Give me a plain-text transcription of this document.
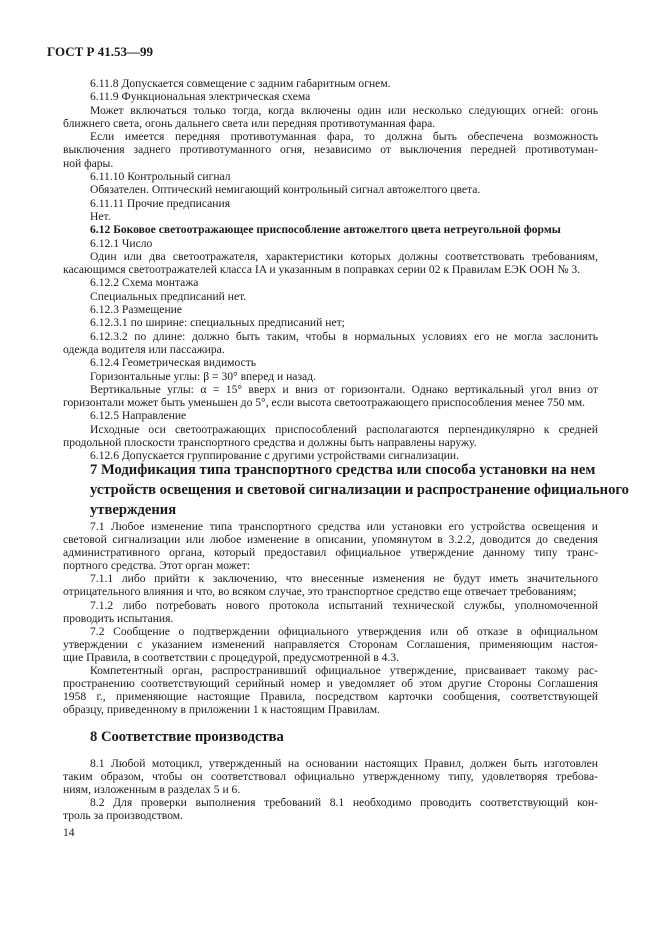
ГОСТ Р 41.53—99
6.11.8 Допускается совмещение с задним габаритным огнем.
6.11.9 Функциональная электрическая схема
Может включаться только тогда, когда включены один или несколько следующих огней: огонь
ближнего света, огонь дальнего света или передняя противотуманная фара.
Если имеется передняя противотуманная фара, то должна быть обеспечена возможность
выключения заднего противотуманного огня, независимо от выключения передней противотуман-
ной фары.
6.11.10 Контрольный сигнал
Обязателен. Оптический немигающий контрольный сигнал автожелтого цвета.
6.11.11 Прочие предписания
Нет.
6.12 Боковое светоотражающее приспособление автожелтого цвета нетреугольной формы
6.12.1 Число
Один или два светоотражателя, характеристики которых должны соответствовать требованиям,
касающимся светоотражателей класса IA и указанным в поправках серии 02 к Правилам ЕЭК ООН № 3.
6.12.2 Схема монтажа
Специальных предписаний нет.
6.12.3 Размещение
6.12.3.1 по ширине: специальных предписаний нет;
6.12.3.2 по длине: должно быть таким, чтобы в нормальных условиях его не могла заслонить
одежда водителя или пассажира.
6.12.4 Геометрическая видимость
Горизонтальные углы: β = 30° вперед и назад.
Вертикальные углы: α = 15° вверх и вниз от горизонтали. Однако вертикальный угол вниз от
горизонтали может быть уменьшен до 5°, если высота светоотражающего приспособления менее 750 мм.
6.12.5 Направление
Исходные оси светоотражающих приспособлений располагаются перпендикулярно к средней
продольной плоскости транспортного средства и должны быть направлены наружу.
6.12.6 Допускается группирование с другими устройствами сигнализации.
7 Модификация типа транспортного средства или способа установки на нем
устройств освещения и световой сигнализации и распространение официального
утверждения
7.1 Любое изменение типа транспортного средства или установки его устройства освещения и
световой сигнализации или любое изменение в описании, упомянутом в 3.2.2, доводится до сведения
административного органа, который предоставил официальное утверждение данному типу транс-
портного средства. Этот орган может:
7.1.1 либо прийти к заключению, что внесенные изменения не будут иметь значительного
отрицательного влияния и что, во всяком случае, это транспортное средство еще отвечает требованиям;
7.1.2 либо потребовать нового протокола испытаний технической службы, уполномоченной
проводить испытания.
7.2 Сообщение о подтверждении официального утверждения или об отказе в официальном
утверждении с указанием изменений направляется Сторонам Соглашения, применяющим настоя-
щие Правила, в соответствии с процедурой, предусмотренной в 4.3.
Компетентный орган, распространивший официальное утверждение, присваивает такому рас-
пространению соответствующий серийный номер и уведомляет об этом другие Стороны Соглашения
1958 г., применяющие настоящие Правила, посредством карточки сообщения, соответствующей
образцу, приведенному в приложении 1 к настоящим Правилам.
8 Соответствие производства
8.1 Любой мотоцикл, утвержденный на основании настоящих Правил, должен быть изготовлен
таким образом, чтобы он соответствовал официально утвержденному типу, удовлетворяя требова-
ниям, изложенным в разделах 5 и 6.
8.2 Для проверки выполнения требований 8.1 необходимо проводить соответствующий кон-
троль за производством.
14
